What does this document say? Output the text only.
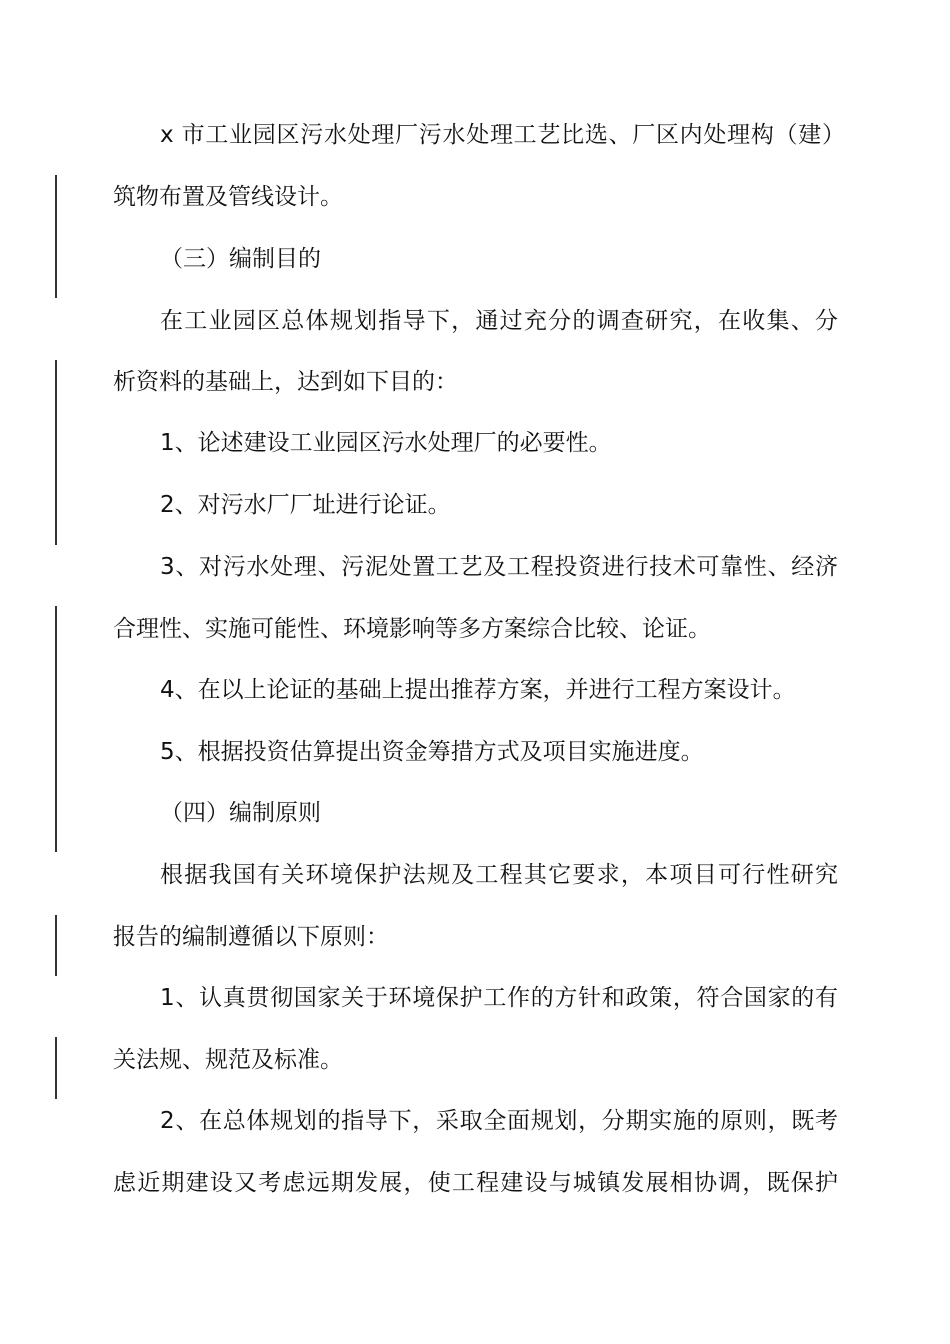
x 市工业园区污水处理厂污水处理工艺比选、厂区内处理构（建）
筑物布置及管线设计。
（三）编制目的
在工业园区总体规划指导下，通过充分的调查研究，在收集、分
析资料的基础上，达到如下目的：
1、论述建设工业园区污水处理厂的必要性。
2、对污水厂厂址进行论证。
3、对污水处理、污泥处置工艺及工程投资进行技术可靠性、经济
合理性、实施可能性、环境影响等多方案综合比较、论证。
4、在以上论证的基础上提出推荐方案，并进行工程方案设计。
5、根据投资估算提出资金筹措方式及项目实施进度。
（四）编制原则
根据我国有关环境保护法规及工程其它要求，本项目可行性研究
报告的编制遵循以下原则：
1、认真贯彻国家关于环境保护工作的方针和政策，符合国家的有
关法规、规范及标准。
2、在总体规划的指导下，采取全面规划，分期实施的原则，既考
虑近期建设又考虑远期发展，使工程建设与城镇发展相协调，既保护
